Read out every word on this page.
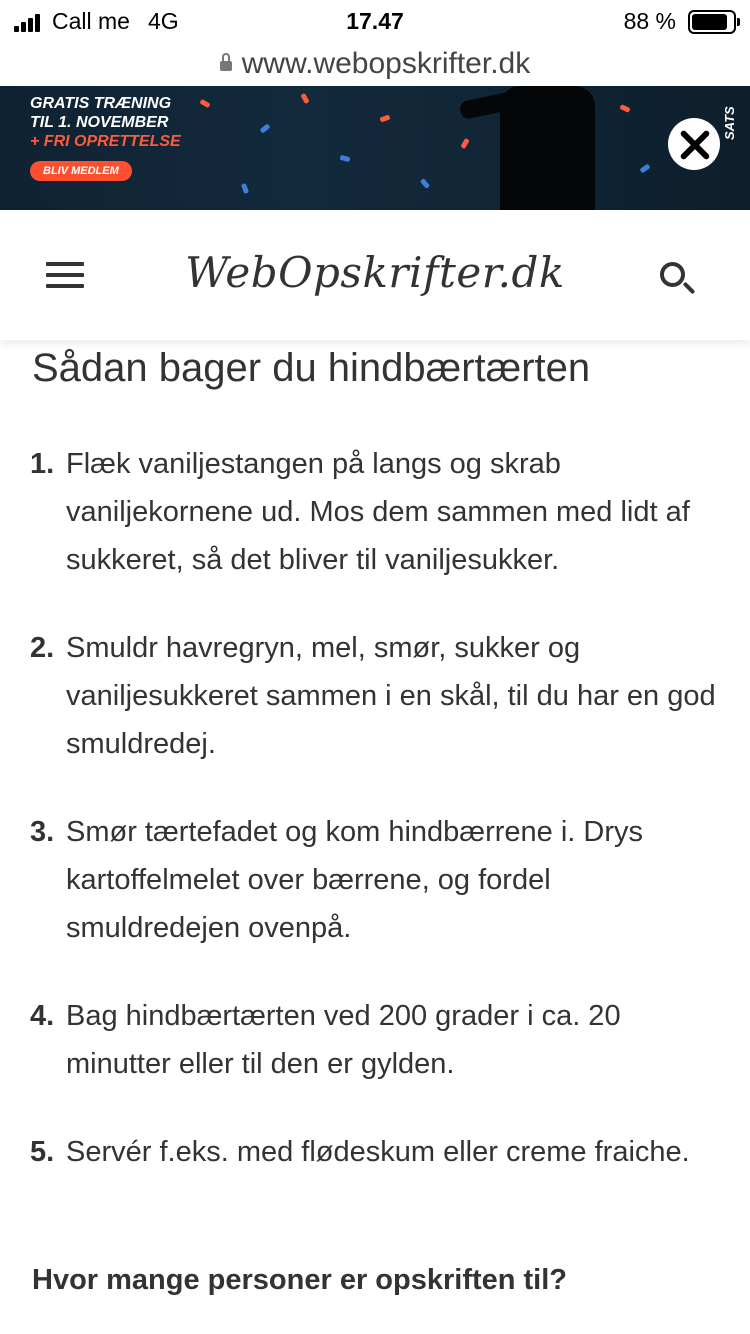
Call me 4G	17.47	88 %
www.webopskrifter.dk
GRATIS TRÆNING
TIL 1. NOVEMBER
+ FRI OPRETTELSE
BLIV MEDLEM
SATS
WebOpskrifter.dk
Sådan bager du hindbærtærten
1. Flæk vaniljestangen på langs og skrab vaniljekornene ud. Mos dem sammen med lidt af sukkeret, så det bliver til vaniljesukker.
2. Smuldr havregryn, mel, smør, sukker og vaniljesukkeret sammen i en skål, til du har en god smuldredej.
3. Smør tærtefadet og kom hindbærrene i. Drys kartoffelmelet over bærrene, og fordel smuldredejen ovenpå.
4. Bag hindbærtærten ved 200 grader i ca. 20 minutter eller til den er gylden.
5. Servér f.eks. med flødeskum eller creme fraiche.
Hvor mange personer er opskriften til?
